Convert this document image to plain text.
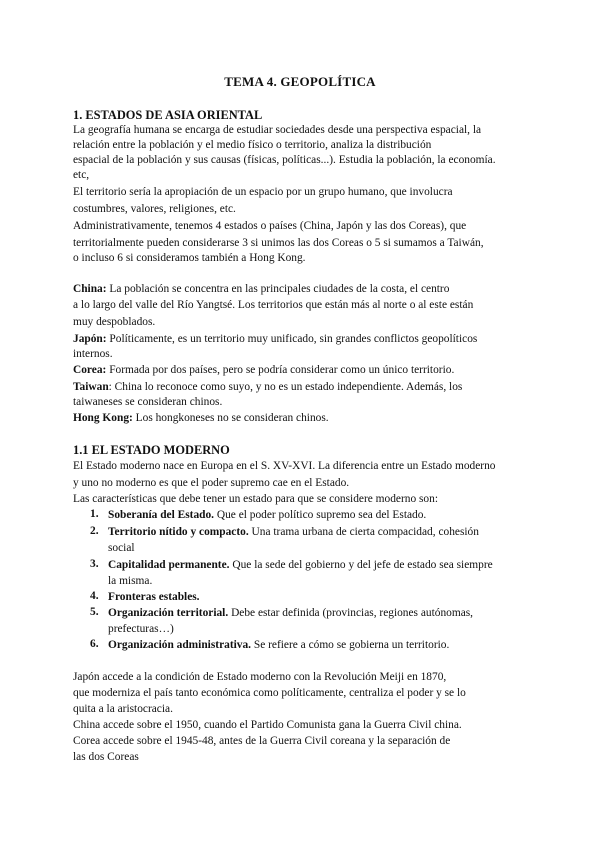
TEMA 4. GEOPOLÍTICA
1. ESTADOS DE ASIA ORIENTAL
La geografía humana se encarga de estudiar sociedades desde una perspectiva espacial, la
relación entre la población y el medio físico o territorio, analiza la distribución
espacial de la población y sus causas (físicas, políticas...). Estudia la población, la economía.
etc,
El territorio sería la apropiación de un espacio por un grupo humano, que involucra
costumbres, valores, religiones, etc.
Administrativamente, tenemos 4 estados o países (China, Japón y las dos Coreas), que
territorialmente pueden considerarse 3 si unimos las dos Coreas o 5 si sumamos a Taiwán,
o incluso 6 si consideramos también a Hong Kong.
China: La población se concentra en las principales ciudades de la costa, el centro
a lo largo del valle del Río Yangtsé. Los territorios que están más al norte o al este están
muy despoblados.
Japón: Políticamente, es un territorio muy unificado, sin grandes conflictos geopolíticos
internos.
Corea: Formada por dos países, pero se podría considerar como un único territorio.
Taiwan: China lo reconoce como suyo, y no es un estado independiente. Además, los
taiwaneses se consideran chinos.
Hong Kong: Los hongkoneses no se consideran chinos.
1.1 EL ESTADO MODERNO
El Estado moderno nace en Europa en el S. XV-XVI. La diferencia entre un Estado moderno
y uno no moderno es que el poder supremo cae en el Estado.
Las características que debe tener un estado para que se considere moderno son:
1. Soberanía del Estado. Que el poder político supremo sea del Estado.
2. Territorio nítido y compacto. Una trama urbana de cierta compacidad, cohesión
social
3. Capitalidad permanente. Que la sede del gobierno y del jefe de estado sea siempre
la misma.
4. Fronteras estables.
5. Organización territorial. Debe estar definida (provincias, regiones autónomas,
prefecturas…)
6. Organización administrativa. Se refiere a cómo se gobierna un territorio.
Japón accede a la condición de Estado moderno con la Revolución Meiji en 1870,
que moderniza el país tanto económica como políticamente, centraliza el poder y se lo
quita a la aristocracia.
China accede sobre el 1950, cuando el Partido Comunista gana la Guerra Civil china.
Corea accede sobre el 1945-48, antes de la Guerra Civil coreana y la separación de
las dos Coreas
